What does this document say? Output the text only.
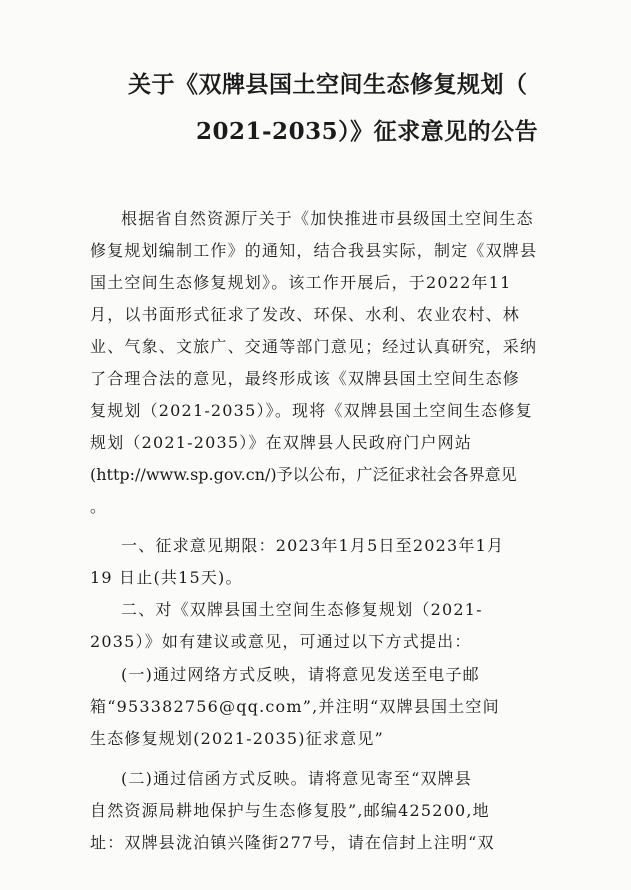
关于《双牌县国土空间生态修复规划（
2021-2035）》征求意见的公告
根据省自然资源厅关于《加快推进市县级国土空间生态
修复规划编制工作》的通知，结合我县实际，制定《双牌县
国土空间生态修复规划》。该工作开展后，于2022年11
月，以书面形式征求了发改、环保、水利、农业农村、林
业、气象、文旅广、交通等部门意见；经过认真研究，采纳
了合理合法的意见，最终形成该《双牌县国土空间生态修
复规划（2021-2035）》。现将《双牌县国土空间生态修复
规划（2021-2035）》在双牌县人民政府门户网站
(http://www.sp.gov.cn/)予以公布，广泛征求社会各界意见
。
一、征求意见期限：2023年1月5日至2023年1月
19 日止(共15天)。
二、对《双牌县国土空间生态修复规划（2021-
2035）》如有建议或意见，可通过以下方式提出：
(一)通过网络方式反映，请将意见发送至电子邮
箱“953382756@qq.com”,并注明“双牌县国土空间
生态修复规划(2021-2035)征求意见”
(二)通过信函方式反映。请将意见寄至“双牌县
自然资源局耕地保护与生态修复股”,邮编425200,地
址：双牌县泷泊镇兴隆街277号，请在信封上注明“双
